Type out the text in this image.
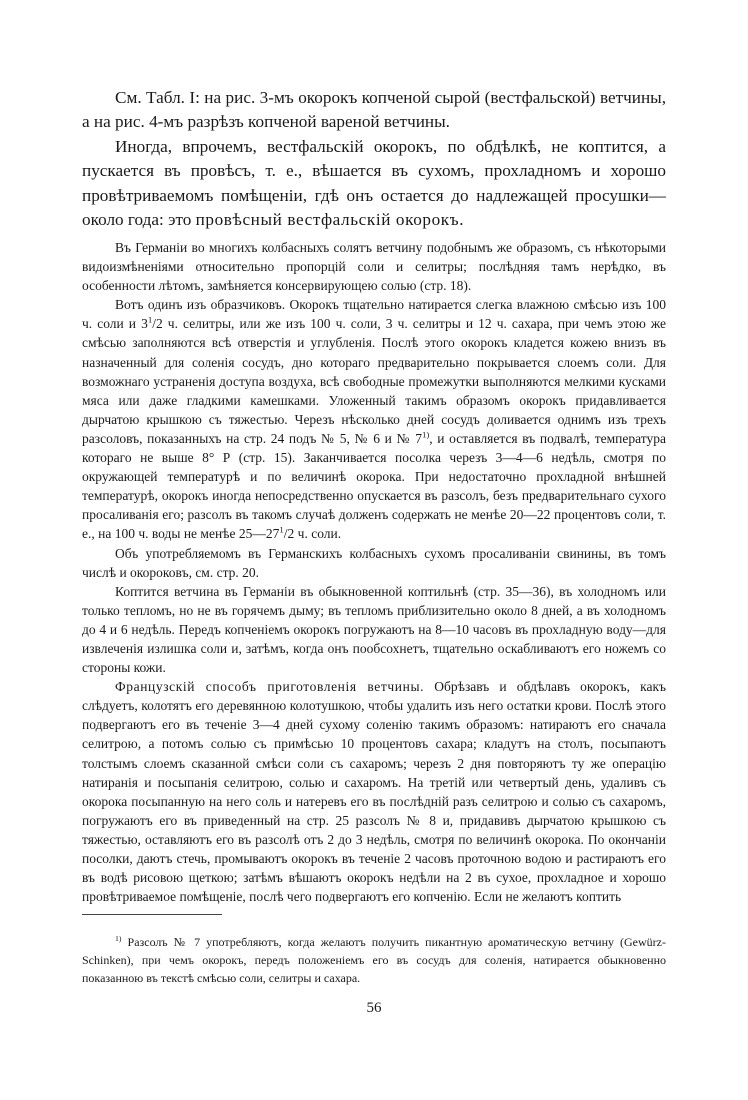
См. Табл. I: на рис. 3-мъ окорокъ копченой сырой (вестфальской) ветчины, а на рис. 4-мъ разрѣзъ копченой вареной ветчины.

Иногда, впрочемъ, вестфальскій окорокъ, по обдѣлкѣ, не коптится, а пускается въ провѣсъ, т. е., вѣшается въ сухомъ, прохладномъ и хорошо провѣтриваемомъ помѣщеніи, гдѣ онъ остается до надлежащей просушки— около года: это провѣсный вестфальскій окорокъ.

Въ Германіи во многихъ колбасныхъ солятъ ветчину подобнымъ же образомъ, съ нѣкоторыми видоизмѣненіями относительно пропорцій соли и селитры; послѣдняя тамъ нерѣдко, въ особенности лѣтомъ, замѣняется консервирующею солью (стр. 18).

Вотъ одинъ изъ образчиковъ. Окорокъ тщательно натирается слегка влажною смѣсью изъ 100 ч. соли и $3^1/2$ ч. селитры, или же изъ 100 ч. соли, 3 ч. селитры и 12 ч. сахара, при чемъ этою же смѣсью заполняются всѣ отверстія и углубленія. Послѣ этого окорокъ кладется кожею внизъ въ назначенный для соленія сосудъ, дно котораго предварительно покрывается слоемъ соли. Для возможнаго устраненія доступа воздуха, всѣ свободные промежутки выполняются мелкими кусками мяса или даже гладкими камешками. Уложенный такимъ образомъ окорокъ придавливается дырчатою крышкою съ тяжестью. Черезъ нѣсколько дней сосудъ доливается однимъ изъ трехъ разсоловъ, показанныхъ на стр. 24 подъ № 5, № 6 и № 7$^{1)}$, и оставляется въ подвалѣ, температура котораго не выше 8° Р (стр. 15). Заканчивается посолка черезъ 3—4—6 недѣль, смотря по окружающей температурѣ и по величинѣ окорока. При недостаточно прохладной внѣшней температурѣ, окорокъ иногда непосредственно опускается въ разсолъ, безъ предварительнаго сухого просаливанія его; разсолъ въ такомъ случаѣ долженъ содержать не менѣе 20—22 процентовъ соли, т. е., на 100 ч. воды не менѣе $25—27^1/2$ ч. соли.

Объ употребляемомъ въ Германскихъ колбасныхъ сухомъ просаливаніи свинины, въ томъ числѣ и окороковъ, см. стр. 20.

Коптится ветчина въ Германіи въ обыкновенной коптильнѣ (стр. 35—36), въ холодномъ или только тепломъ, но не въ горячемъ дыму; въ тепломъ приблизительно около 8 дней, а въ холодномъ до 4 и 6 недѣль. Передъ копченіемъ окорокъ погружаютъ на 8—10 часовъ въ прохладную воду—для извлеченія излишка соли и, затѣмъ, когда онъ пообсохнетъ, тщательно оскабливаютъ его ножемъ со стороны кожи.

Французскій способъ приготовленія ветчины. Обрѣзавъ и обдѣлавъ окорокъ, какъ слѣдуетъ, колотятъ его деревянною колотушкою, чтобы удалить изъ него остатки крови. Послѣ этого подвергаютъ его въ теченіе 3—4 дней сухому соленію такимъ образомъ: натираютъ его сначала селитрою, а потомъ солью съ примѣсью 10 процентовъ сахара; кладутъ на столъ, посыпаютъ толстымъ слоемъ сказанной смѣси соли съ сахаромъ; черезъ 2 дня повторяютъ ту же операцію натиранія и посыпанія селитрою, солью и сахаромъ. На третій или четвертый день, удаливъ съ окорока посыпанную на него соль и натеревъ его въ послѣдній разъ селитрою и солью съ сахаромъ, погружаютъ его въ приведенный на стр. 25 разсолъ № 8 и, придавивъ дырчатою крышкою съ тяжестью, оставляютъ его въ разсолѣ отъ 2 до 3 недѣль, смотря по величинѣ окорока. По окончаніи посолки, даютъ стечь, промываютъ окорокъ въ теченіе 2 часовъ проточною водою и растираютъ его въ водѣ рисовою щеткою; затѣмъ вѣшаютъ окорокъ недѣли на 2 въ сухое, прохладное и хорошо провѣтриваемое помѣщеніе, послѣ чего подвергаютъ его копченію. Если не желаютъ коптить

$^{1)}$ Разсолъ № 7 употребляютъ, когда желаютъ получить пикантную ароматическую ветчину (Gewürz-Schinken), при чемъ окорокъ, передъ положеніемъ его въ сосудъ для соленія, натирается обыкновенно показанною въ текстѣ смѣсью соли, селитры и сахара.

56
